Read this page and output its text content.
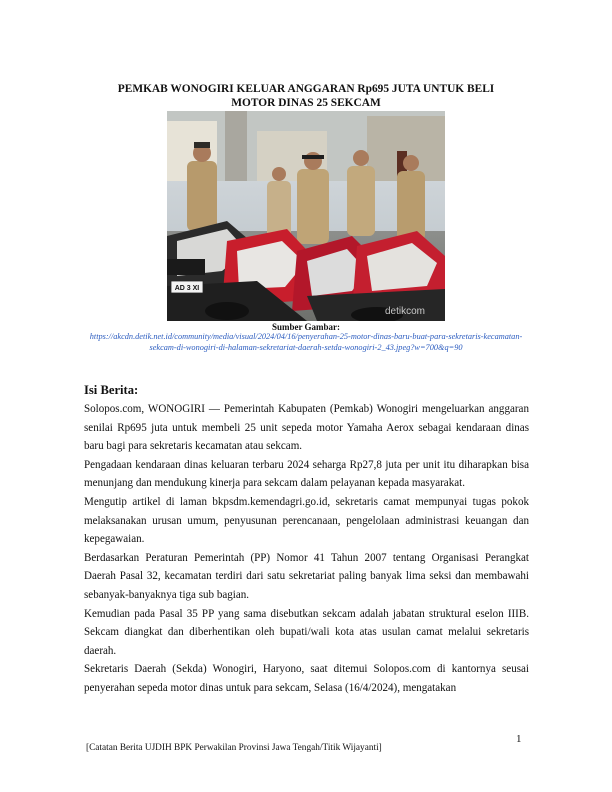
PEMKAB WONOGIRI KELUAR ANGGARAN Rp695 JUTA UNTUK BELI
MOTOR DINAS 25 SEKCAM
AD 3 XI
detikcom
Sumber Gambar:
https://akcdn.detik.net.id/community/media/visual/2024/04/16/penyerahan-25-motor-dinas-baru-buat-para-sekretaris-kecamatan-sekcam-di-wonogiri-di-halaman-sekretariat-daerah-setda-wonogiri-2_43.jpeg?w=700&q=90
Isi Berita:

Solopos.com, WONOGIRI — Pemerintah Kabupaten (Pemkab) Wonogiri mengeluarkan anggaran senilai Rp695 juta untuk membeli 25 unit sepeda motor Yamaha Aerox sebagai kendaraan dinas baru bagi para sekretaris kecamatan atau sekcam.

Pengadaan kendaraan dinas keluaran terbaru 2024 seharga Rp27,8 juta per unit itu diharapkan bisa menunjang dan mendukung kinerja para sekcam dalam pelayanan kepada masyarakat.

Mengutip artikel di laman bkpsdm.kemendagri.go.id, sekretaris camat mempunyai tugas pokok melaksanakan urusan umum, penyusunan perencanaan, pengelolaan administrasi keuangan dan kepegawaian.

Berdasarkan Peraturan Pemerintah (PP) Nomor 41 Tahun 2007 tentang Organisasi Perangkat Daerah Pasal 32, kecamatan terdiri dari satu sekretariat paling banyak lima seksi dan membawahi sebanyak-banyaknya tiga sub bagian.

Kemudian pada Pasal 35 PP yang sama disebutkan sekcam adalah jabatan struktural eselon IIIB. Sekcam diangkat dan diberhentikan oleh bupati/wali kota atas usulan camat melalui sekretaris daerah.

Sekretaris Daerah (Sekda) Wonogiri, Haryono, saat ditemui Solopos.com di kantornya seusai penyerahan sepeda motor dinas untuk para sekcam, Selasa (16/4/2024), mengatakan

1
[Catatan Berita UJDIH BPK Perwakilan Provinsi Jawa Tengah/Titik Wijayanti]
